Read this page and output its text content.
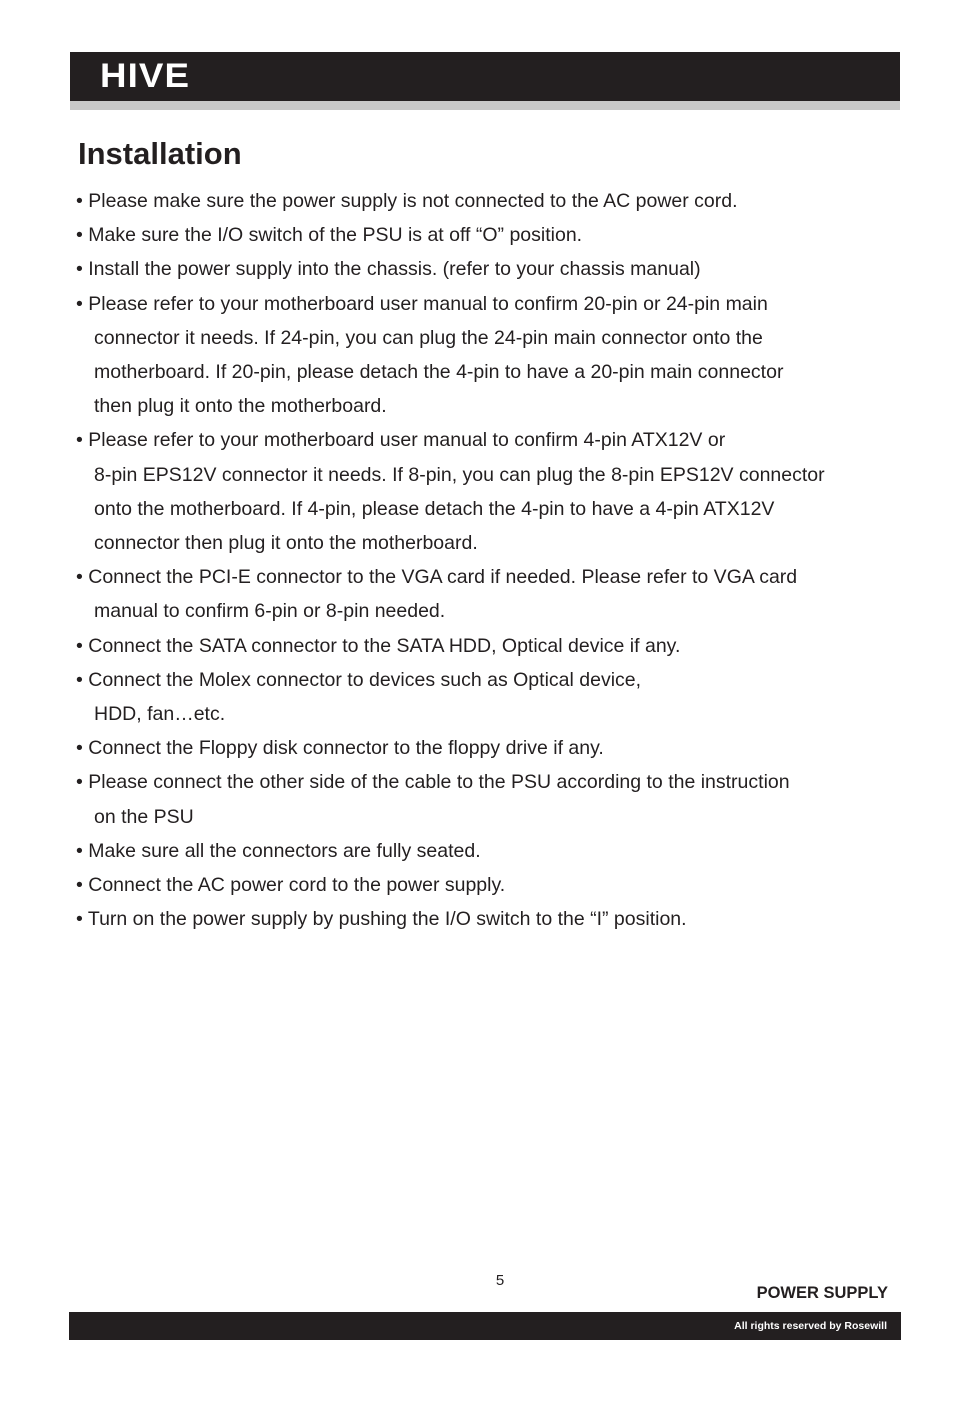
HIVE
Installation
• Please make sure the power supply is not connected to the AC power cord.
• Make sure the I/O switch of the PSU is at off “O” position.
• Install the power supply into the chassis. (refer to your chassis manual)
• Please refer to your motherboard user manual to confirm 20-pin or 24-pin main
connector it needs. If 24-pin, you can plug the 24-pin main connector onto the
motherboard. If 20-pin, please detach the 4-pin to have a 20-pin main connector
then plug it onto the motherboard.
• Please refer to your motherboard user manual to confirm 4-pin ATX12V or
8-pin EPS12V connector it needs. If 8-pin, you can plug the 8-pin EPS12V connector
onto the motherboard. If 4-pin, please detach the 4-pin to have a 4-pin ATX12V
connector then plug it onto the motherboard.
• Connect the PCI-E connector to the VGA card if needed. Please refer to VGA card
manual to confirm 6-pin or 8-pin needed.
• Connect the SATA connector to the SATA HDD, Optical device if any.
• Connect the Molex connector to devices such as Optical device,
HDD, fan…etc.
• Connect the Floppy disk connector to the floppy drive if any.
• Please connect the other side of the cable to the PSU according to the instruction
on the PSU
• Make sure all the connectors are fully seated.
• Connect the AC power cord to the power supply.
• Turn on the power supply by pushing the I/O switch to the “I” position.
5
POWER SUPPLY
All rights reserved by Rosewill
